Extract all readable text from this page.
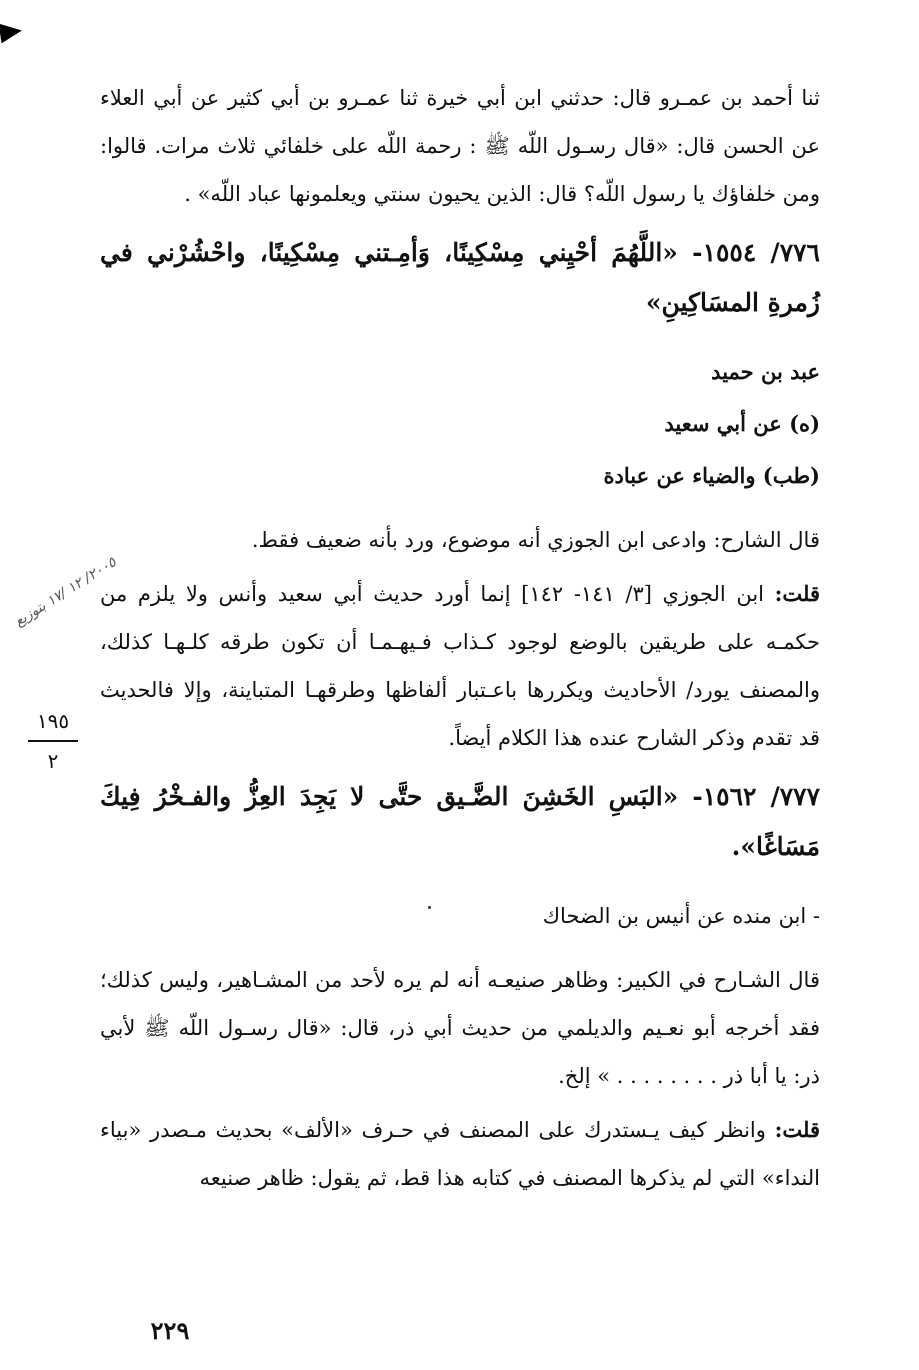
ثنا أحمد بن عمـرو قال: حدثني ابن أبي خيرة ثنا عمـرو بن أبي كثير عن أبي العلاء عن الحسن قال: «قال رسـول اللّه ﷺ : رحمة اللّه على خلفائي ثلاث مرات. قالوا: ومن خلفاؤك يا رسول اللّه؟ قال: الذين يحيون سنتي ويعلمونها عباد اللّه» .

٧٧٦/ ١٥٥٤- «اللَّهُمَ أحْيِني مِسْكِينًا، وَأمِـتني مِسْكِينًا، واحْشُرْني في زُمرةِ المسَاكِينِ»

عبد بن حميد

(ه) عن أبي سعيد

(طب) والضياء عن عبادة

قال الشارح: وادعى ابن الجوزي أنه موضوع، ورد بأنه ضعيف فقط.

قلت: ابن الجوزي [٣/ ١٤١- ١٤٢] إنما أورد حديث أبي سعيد وأنس ولا يلزم من حكمـه على طريقين بالوضع لوجود كـذاب فـيهـمـا أن تكون طرقه كلـهـا كذلك، والمصنف يورد/ الأحاديث ويكررها باعـتبار ألفاظها وطرقهـا المتباينة، وإلا فالحديث قد تقدم وذكر الشارح عنده هذا الكلام أيضاً.

٧٧٧/ ١٥٦٢- «البَسِ الخَشِنَ الضَّـيق حتَّى لا يَجِدَ العِزُّ والفـخْرُ فِيكَ مَسَاغًا».

- ابن منده عن أنيس بن الضحاك

قال الشـارح في الكبير: وظاهر صنيعـه أنه لم يره لأحد من المشـاهير، وليس كذلك؛ فقد أخرجه أبو نعـيم والديلمي من حديث أبي ذر، قال: «قال رسـول اللّه ﷺ لأبي ذر: يا أبا ذر . . . . . . . . » إلخ.

قلت: وانظر كيف يـستدرك على المصنف في حـرف «الألف» بحديث مـصدر «بياء النداء» التي لم يذكرها المصنف في كتابه هذا قط، ثم يقول: ظاهر صنيعه

٢٠٠٥/ ١٢ /١٧ بتوزيع
١٩٥
٢
٢٢٩
